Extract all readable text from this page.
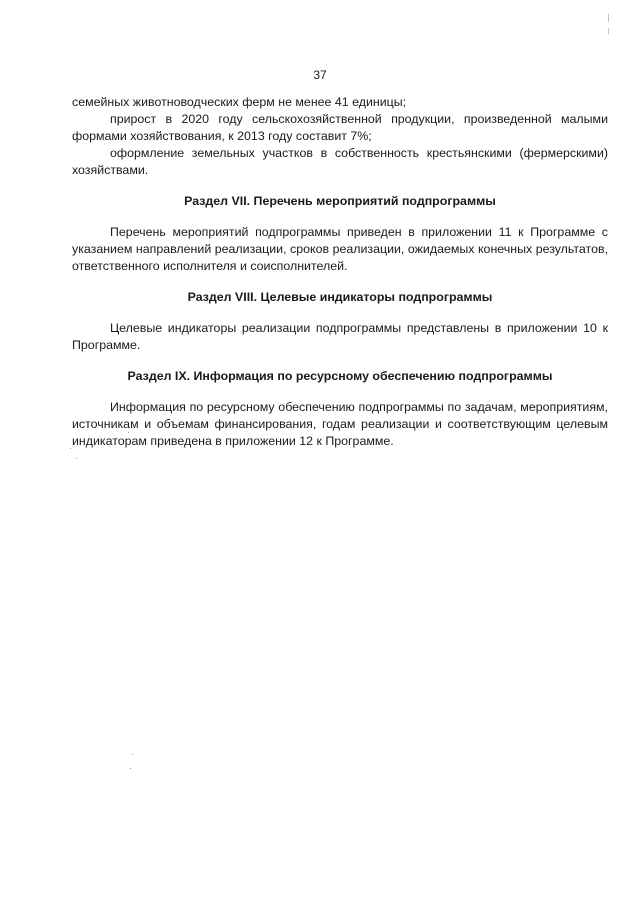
37

семейных животноводческих ферм не менее 41 единицы;

прирост в 2020 году сельскохозяйственной продукции, произведенной малыми формами хозяйствования, к 2013 году составит 7%;

оформление земельных участков в собственность крестьянскими (фермерскими) хозяйствами.

Раздел VII. Перечень мероприятий подпрограммы

Перечень мероприятий подпрограммы приведен в приложении 11 к Программе с указанием направлений реализации, сроков реализации, ожидаемых конечных результатов, ответственного исполнителя и соисполнителей.

Раздел VIII. Целевые индикаторы подпрограммы

Целевые индикаторы реализации подпрограммы представлены в приложении 10 к Программе.

Раздел IX. Информация по ресурсному обеспечению подпрограммы

Информация по ресурсному обеспечению подпрограммы по задачам, мероприятиям, источникам и объемам финансирования, годам реализации и соответствующим целевым индикаторам приведена в приложении 12 к Программе.
